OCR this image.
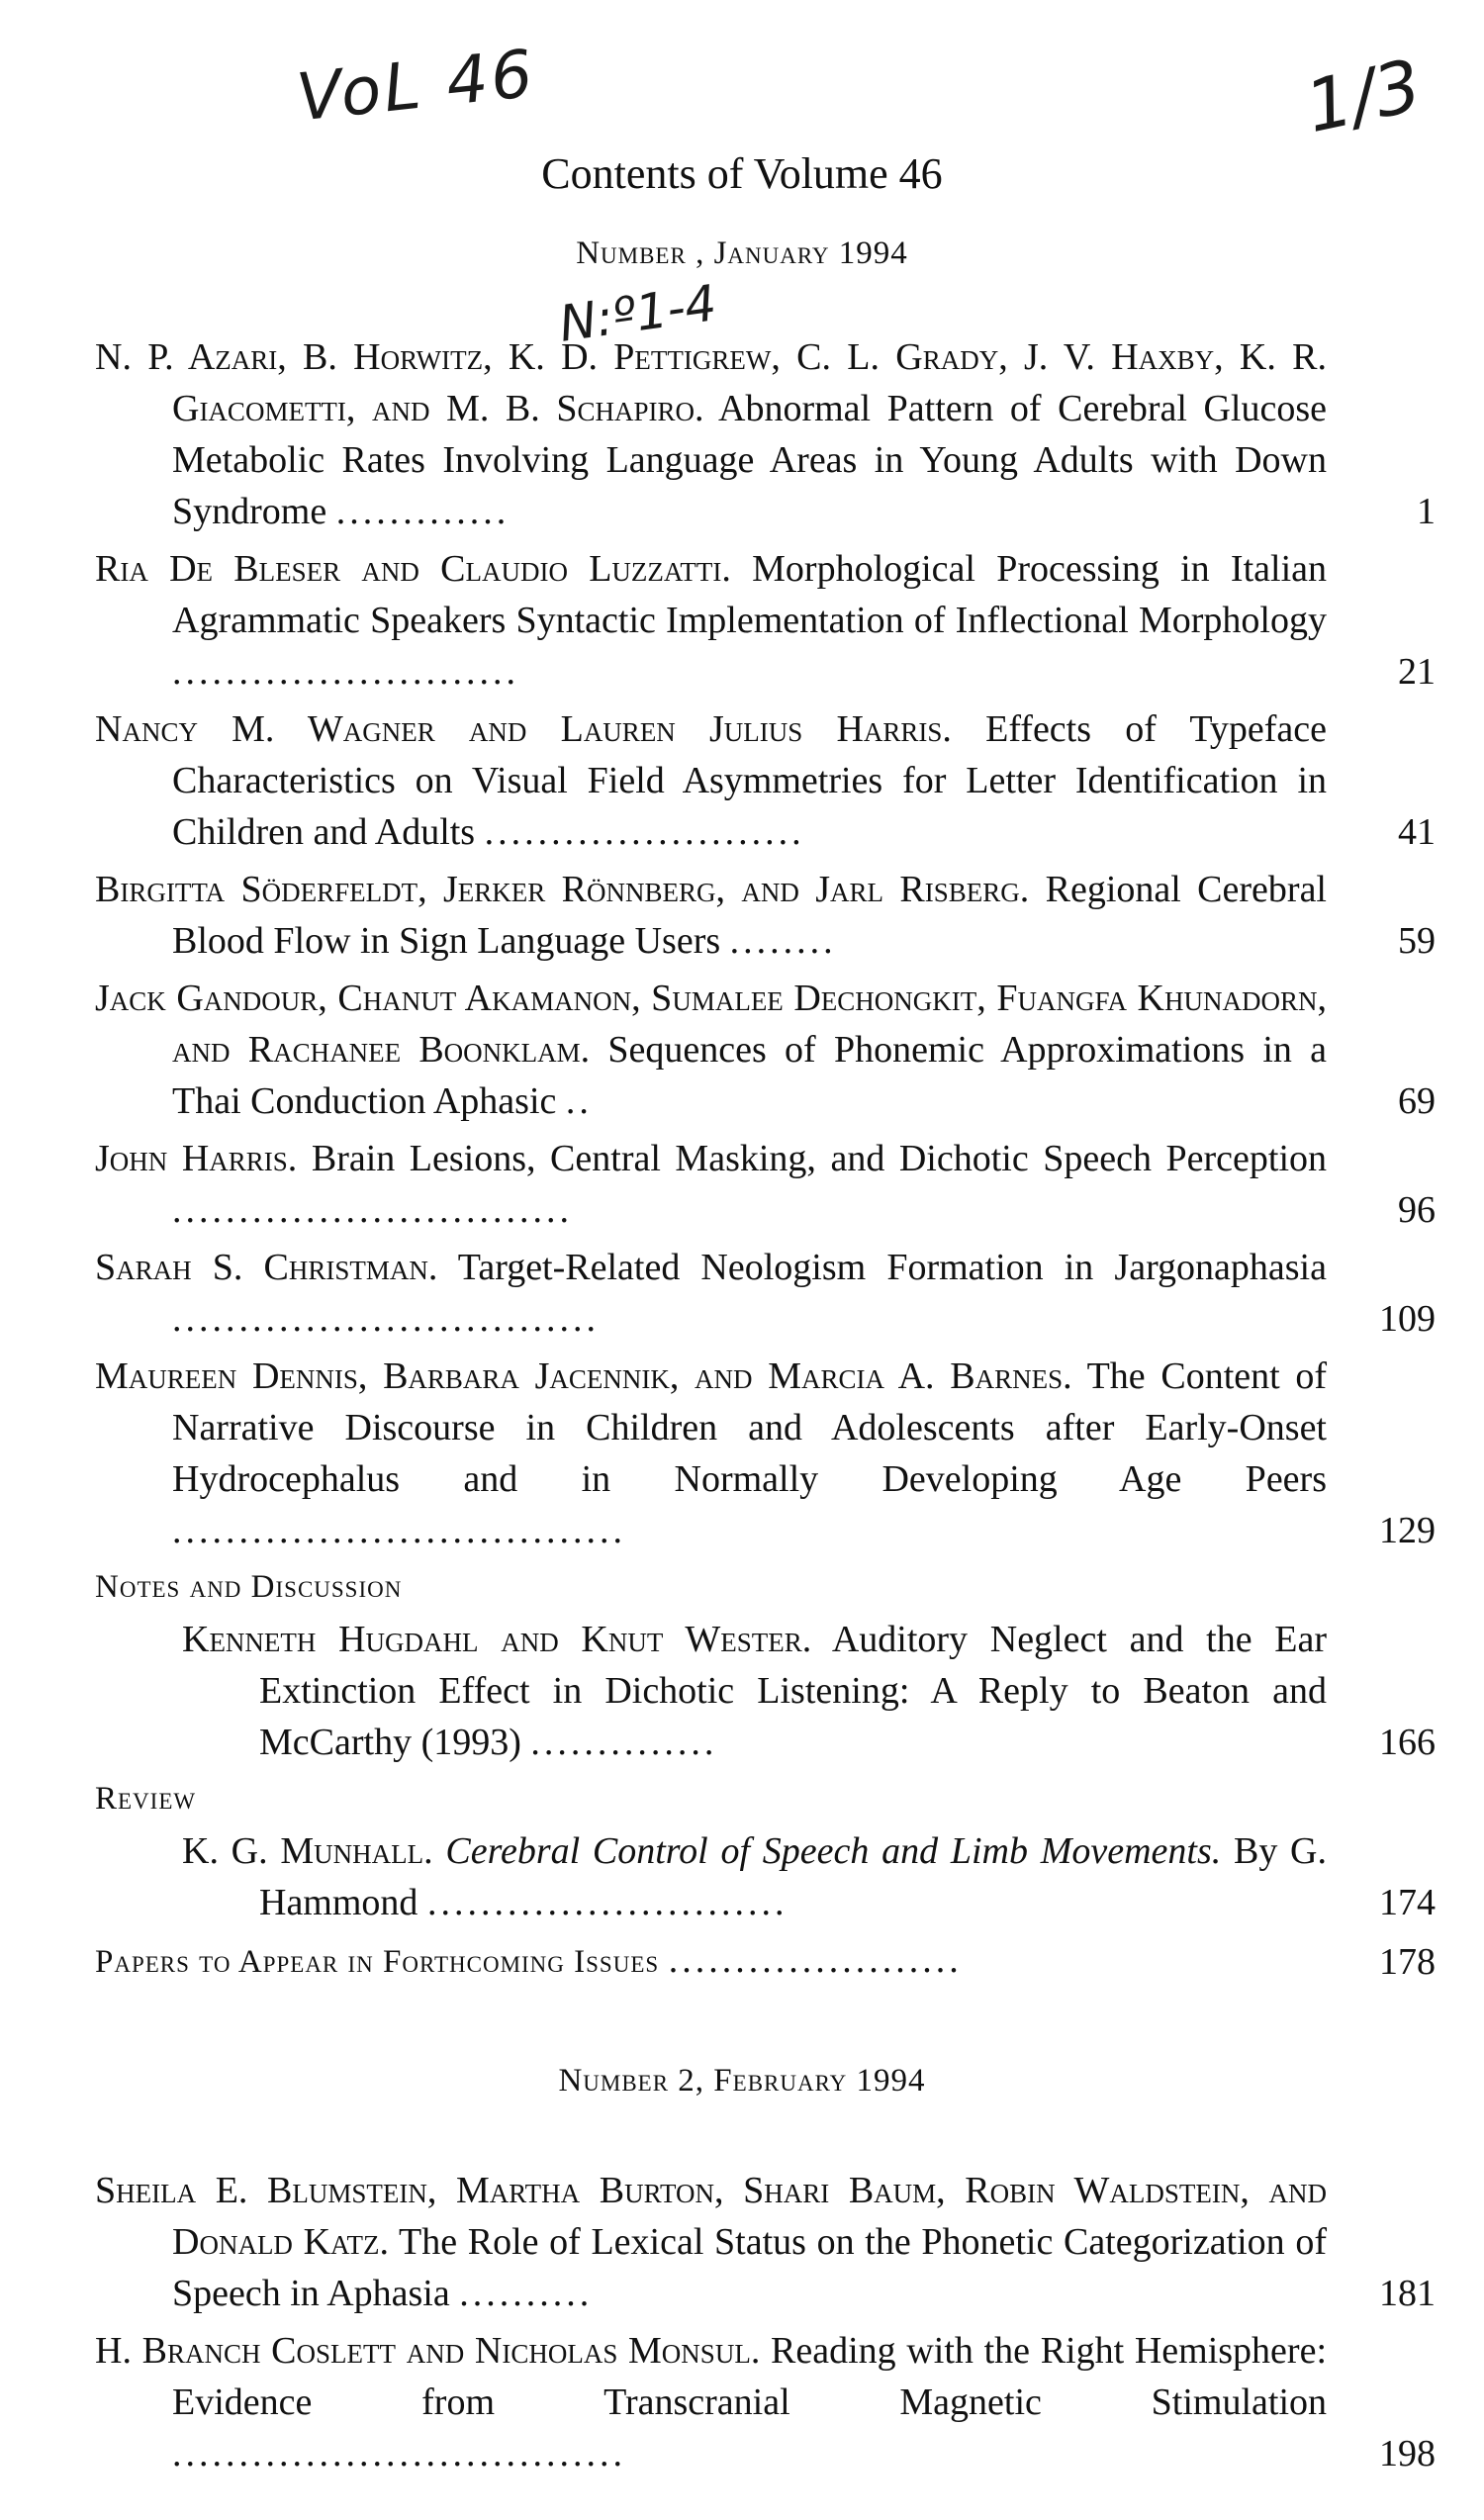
VoL 46	1/3
N:º1-4
Contents of Volume 46
Number , January 1994
N. P. Azari, B. Horwitz, K. D. Pettigrew, C. L. Grady, J. V. Haxby, K. R. Giacometti, and M. B. Schapiro. Abnormal Pattern of Cerebral Glucose Metabolic Rates Involving Language Areas in Young Adults with Down Syndrome .............	1
Ria De Bleser and Claudio Luzzatti. Morphological Processing in Italian Agrammatic Speakers Syntactic Implementation of Inflectional Morphology ..........................	21
Nancy M. Wagner and Lauren Julius Harris. Effects of Typeface Characteristics on Visual Field Asymmetries for Letter Identification in Children and Adults ........................	41
Birgitta Söderfeldt, Jerker Rönnberg, and Jarl Risberg. Regional Cerebral Blood Flow in Sign Language Users ........	59
Jack Gandour, Chanut Akamanon, Sumalee Dechongkit, Fuangfa Khunadorn, and Rachanee Boonklam. Sequences of Phonemic Approximations in a Thai Conduction Aphasic ..	69
John Harris. Brain Lesions, Central Masking, and Dichotic Speech Perception ..............................	96
Sarah S. Christman. Target-Related Neologism Formation in Jargonaphasia ................................	109
Maureen Dennis, Barbara Jacennik, and Marcia A. Barnes. The Content of Narrative Discourse in Children and Adolescents after Early-Onset Hydrocephalus and in Normally Developing Age Peers ..................................	129
Notes and Discussion
Kenneth Hugdahl and Knut Wester. Auditory Neglect and the Ear Extinction Effect in Dichotic Listening: A Reply to Beaton and McCarthy (1993) ..............	166
Review
K. G. Munhall. Cerebral Control of Speech and Limb Movements. By G. Hammond ...........................	174
Papers to Appear in Forthcoming Issues ......................	178
Number 2, February 1994
Sheila E. Blumstein, Martha Burton, Shari Baum, Robin Waldstein, and Donald Katz. The Role of Lexical Status on the Phonetic Categorization of Speech in Aphasia ..........	181
H. Branch Coslett and Nicholas Monsul. Reading with the Right Hemisphere: Evidence from Transcranial Magnetic Stimulation ..................................	198
